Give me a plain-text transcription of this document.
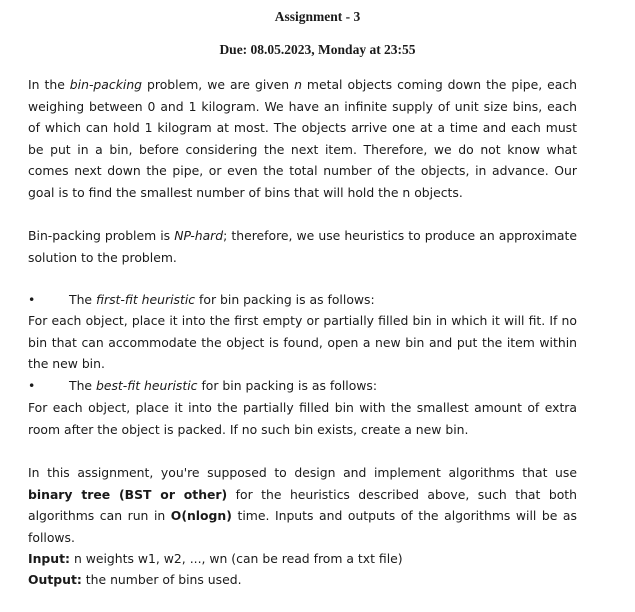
Assignment - 3
Due: 08.05.2023, Monday at 23:55
In the bin-packing problem, we are given n metal objects coming down the pipe, each weighing between 0 and 1 kilogram. We have an infinite supply of unit size bins, each of which can hold 1 kilogram at most. The objects arrive one at a time and each must be put in a bin, before considering the next item. Therefore, we do not know what comes next down the pipe, or even the total number of the objects, in advance. Our goal is to find the smallest number of bins that will hold the n objects.
Bin-packing problem is NP-hard; therefore, we use heuristics to produce an approximate solution to the problem.
•	The first-fit heuristic for bin packing is as follows:
For each object, place it into the first empty or partially filled bin in which it will fit. If no bin that can accommodate the object is found, open a new bin and put the item within the new bin.
•	The best-fit heuristic for bin packing is as follows:
For each object, place it into the partially filled bin with the smallest amount of extra room after the object is packed. If no such bin exists, create a new bin.
In this assignment, you're supposed to design and implement algorithms that use binary tree (BST or other) for the heuristics described above, such that both algorithms can run in O(nlogn) time. Inputs and outputs of the algorithms will be as follows.
Input: n weights w1, w2, ..., wn (can be read from a txt file)
Output: the number of bins used.
